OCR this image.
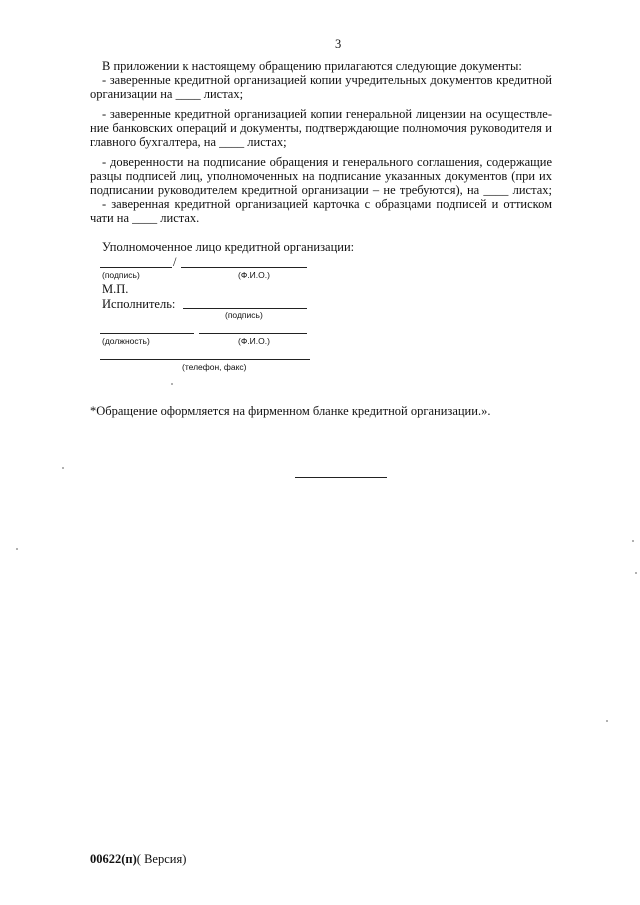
3
В приложении к настоящему обращению прилагаются следующие документы:
- заверенные кредитной организацией копии учредительных документов кредитной
организации на ____ листах;
- заверенные кредитной организацией копии генеральной лицензии на осуществле-
ние банковских операций и документы, подтверждающие полномочия руководителя и
главного бухгалтера, на ____ листах;
- доверенности на подписание обращения и генерального соглашения, содержащие
разцы подписей лиц, уполномоченных на подписание указанных документов (при их
подписании руководителем кредитной организации – не требуются), на ____ листах;
- заверенная кредитной организацией карточка с образцами подписей и оттиском
чати на ____ листах.
Уполномоченное лицо кредитной организации:
/
(подпись)	(Ф.И.О.)
М.П.
Исполнитель:
(подпись)
(должность)	(Ф.И.О.)
(телефон, факс)
*Обращение оформляется на фирменном бланке кредитной организации.».
00622(п)( Версия)
